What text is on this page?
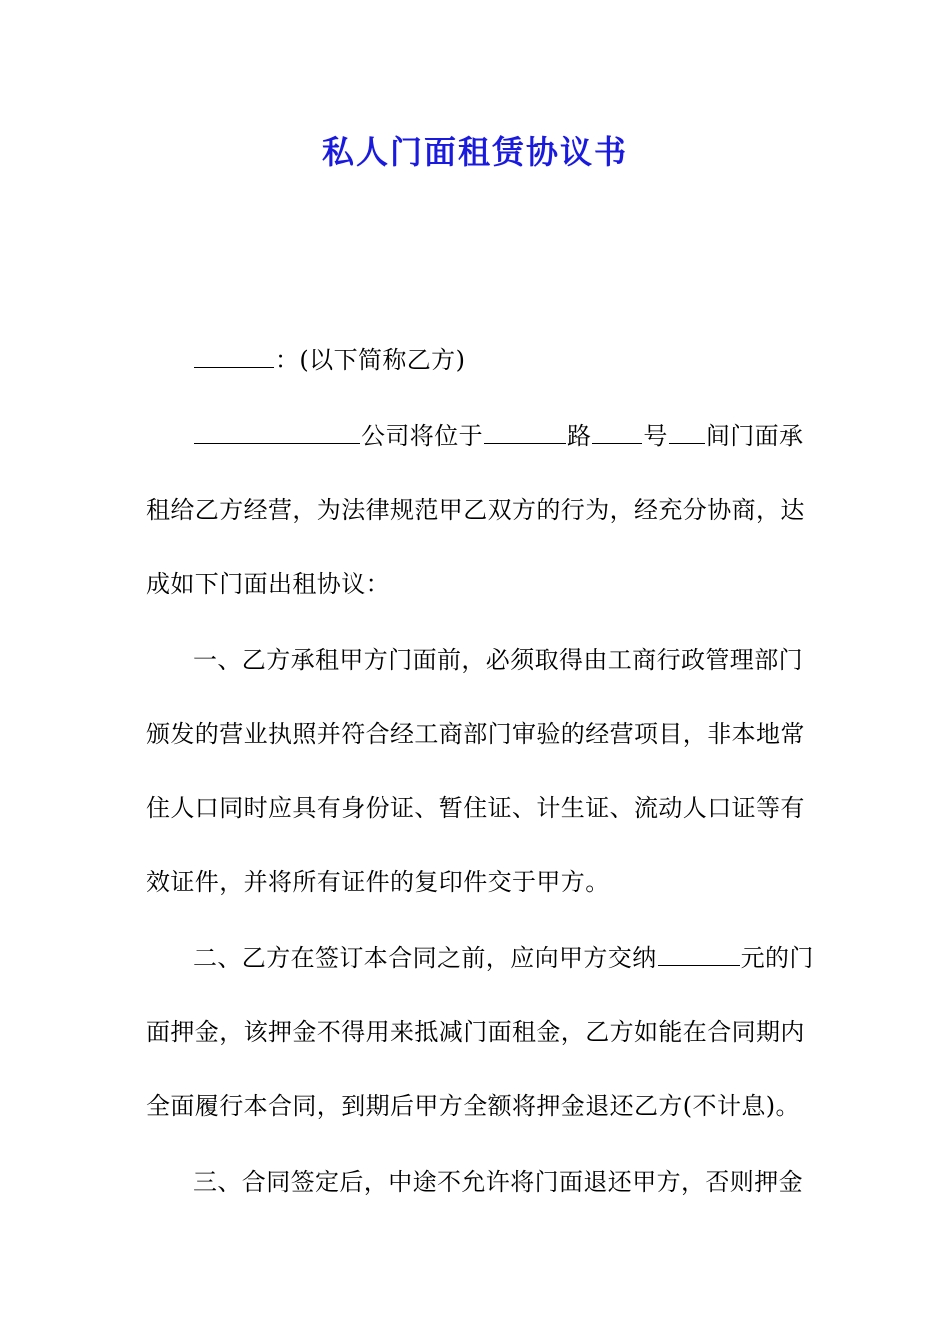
私人门面租赁协议书
：(以下简称乙方)
公司将位于	路 号 间门面承
租给乙方经营，为法律规范甲乙双方的行为，经充分协商，达
成如下门面出租协议：
一、乙方承租甲方门面前，必须取得由工商行政管理部门
颁发的营业执照并符合经工商部门审验的经营项目，非本地常
住人口同时应具有身份证、暂住证、计生证、流动人口证等有
效证件，并将所有证件的复印件交于甲方。
二、乙方在签订本合同之前，应向甲方交纳	元的门
面押金，该押金不得用来抵减门面租金，乙方如能在合同期内
全面履行本合同，到期后甲方全额将押金退还乙方(不计息)。
三、合同签定后，中途不允许将门面退还甲方，否则押金
